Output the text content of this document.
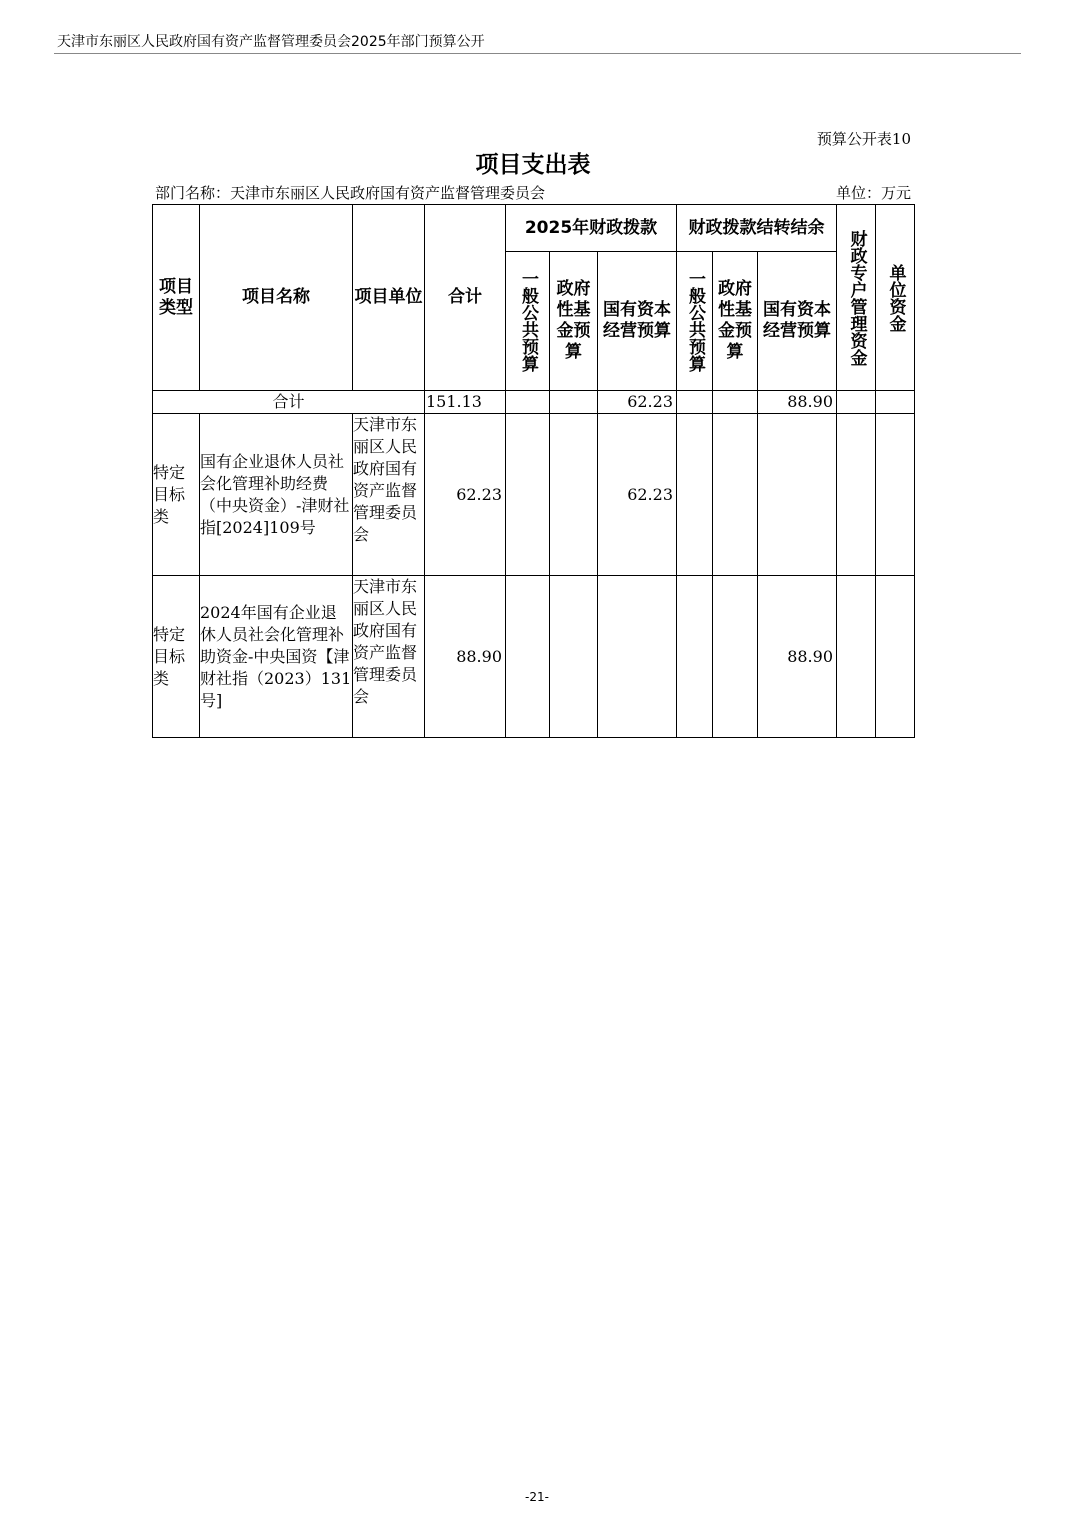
天津市东丽区人民政府国有资产监督管理委员会2025年部门预算公开
预算公开表10
项目支出表
部门名称：天津市东丽区人民政府国有资产监督管理委员会	单位：万元
项目类型	项目名称	项目单位	合计	2025年财政拨款			财政拨款结转结余			财政专户管理资金	单位资金

				一般公共预算	政府性基金预算	国有资本经营预算	一般公共预算	政府性基金预算	国有资本经营预算		
合计			151.13			62.23			88.90		
特定目标类	国有企业退休人员社会化管理补助经费（中央资金）-津财社指[2024]109号	天津市东丽区人民政府国有资产监督管理委员会	62.23			62.23					
特定目标类	2024年国有企业退休人员社会化管理补助资金-中央国资【津财社指（2023）131号]	天津市东丽区人民政府国有资产监督管理委员会	88.90						88.90		
-21-
